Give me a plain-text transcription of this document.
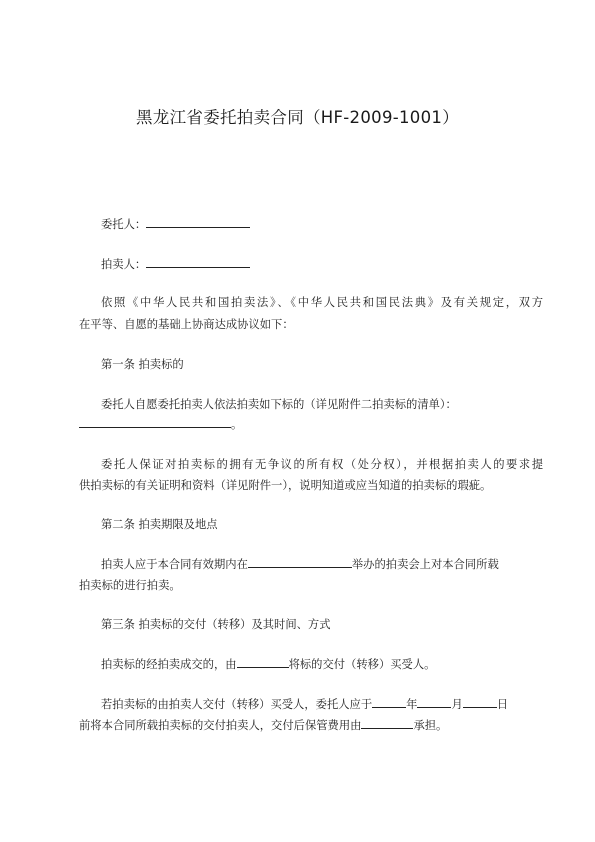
黑龙江省委托拍卖合同（HF-2009-1001）
委托人：
拍卖人：
依照《中华人民共和国拍卖法》、《中华人民共和国民法典》及有关规定，双方
在平等、自愿的基础上协商达成协议如下：
第一条 拍卖标的
委托人自愿委托拍卖人依法拍卖如下标的（详见附件二拍卖标的清单）：
。
委托人保证对拍卖标的拥有无争议的所有权（处分权），并根据拍卖人的要求提
供拍卖标的有关证明和资料（详见附件一），说明知道或应当知道的拍卖标的瑕疵。
第二条 拍卖期限及地点
拍卖人应于本合同有效期内在	举办的拍卖会上对本合同所载
拍卖标的进行拍卖。
第三条 拍卖标的交付（转移）及其时间、方式
拍卖标的经拍卖成交的，由	将标的交付（转移）买受人。
若拍卖标的由拍卖人交付（转移）买受人，委托人应于	年	月	日
前将本合同所载拍卖标的交付拍卖人，交付后保管费用由	承担。
